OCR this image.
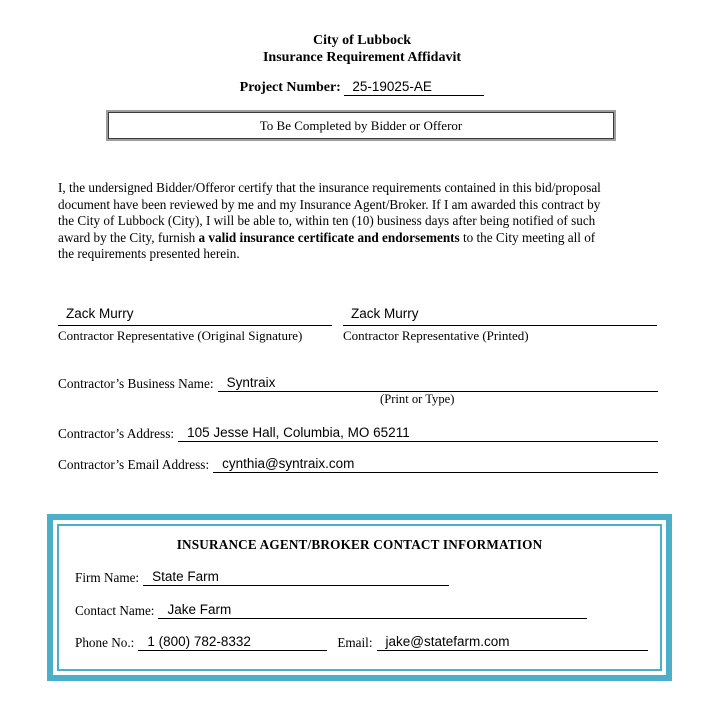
City of Lubbock
Insurance Requirement Affidavit
Project Number: 25-19025-AE
To Be Completed by Bidder or Offeror
I, the undersigned Bidder/Offeror certify that the insurance requirements contained in this bid/proposal
document have been reviewed by me and my Insurance Agent/Broker. If I am awarded this contract by
the City of Lubbock (City), I will be able to, within ten (10) business days after being notified of such
award by the City, furnish a valid insurance certificate and endorsements to the City meeting all of
the requirements presented herein.
Zack Murry
Contractor Representative (Original Signature)
Zack Murry
Contractor Representative (Printed)
Contractor’s Business Name: Syntraix
(Print or Type)
Contractor’s Address: 105 Jesse Hall, Columbia, MO 65211
Contractor’s Email Address: cynthia@syntraix.com
INSURANCE AGENT/BROKER CONTACT INFORMATION
Firm Name: State Farm
Contact Name: Jake Farm
Phone No.: 1 (800) 782-8332	Email: jake@statefarm.com
